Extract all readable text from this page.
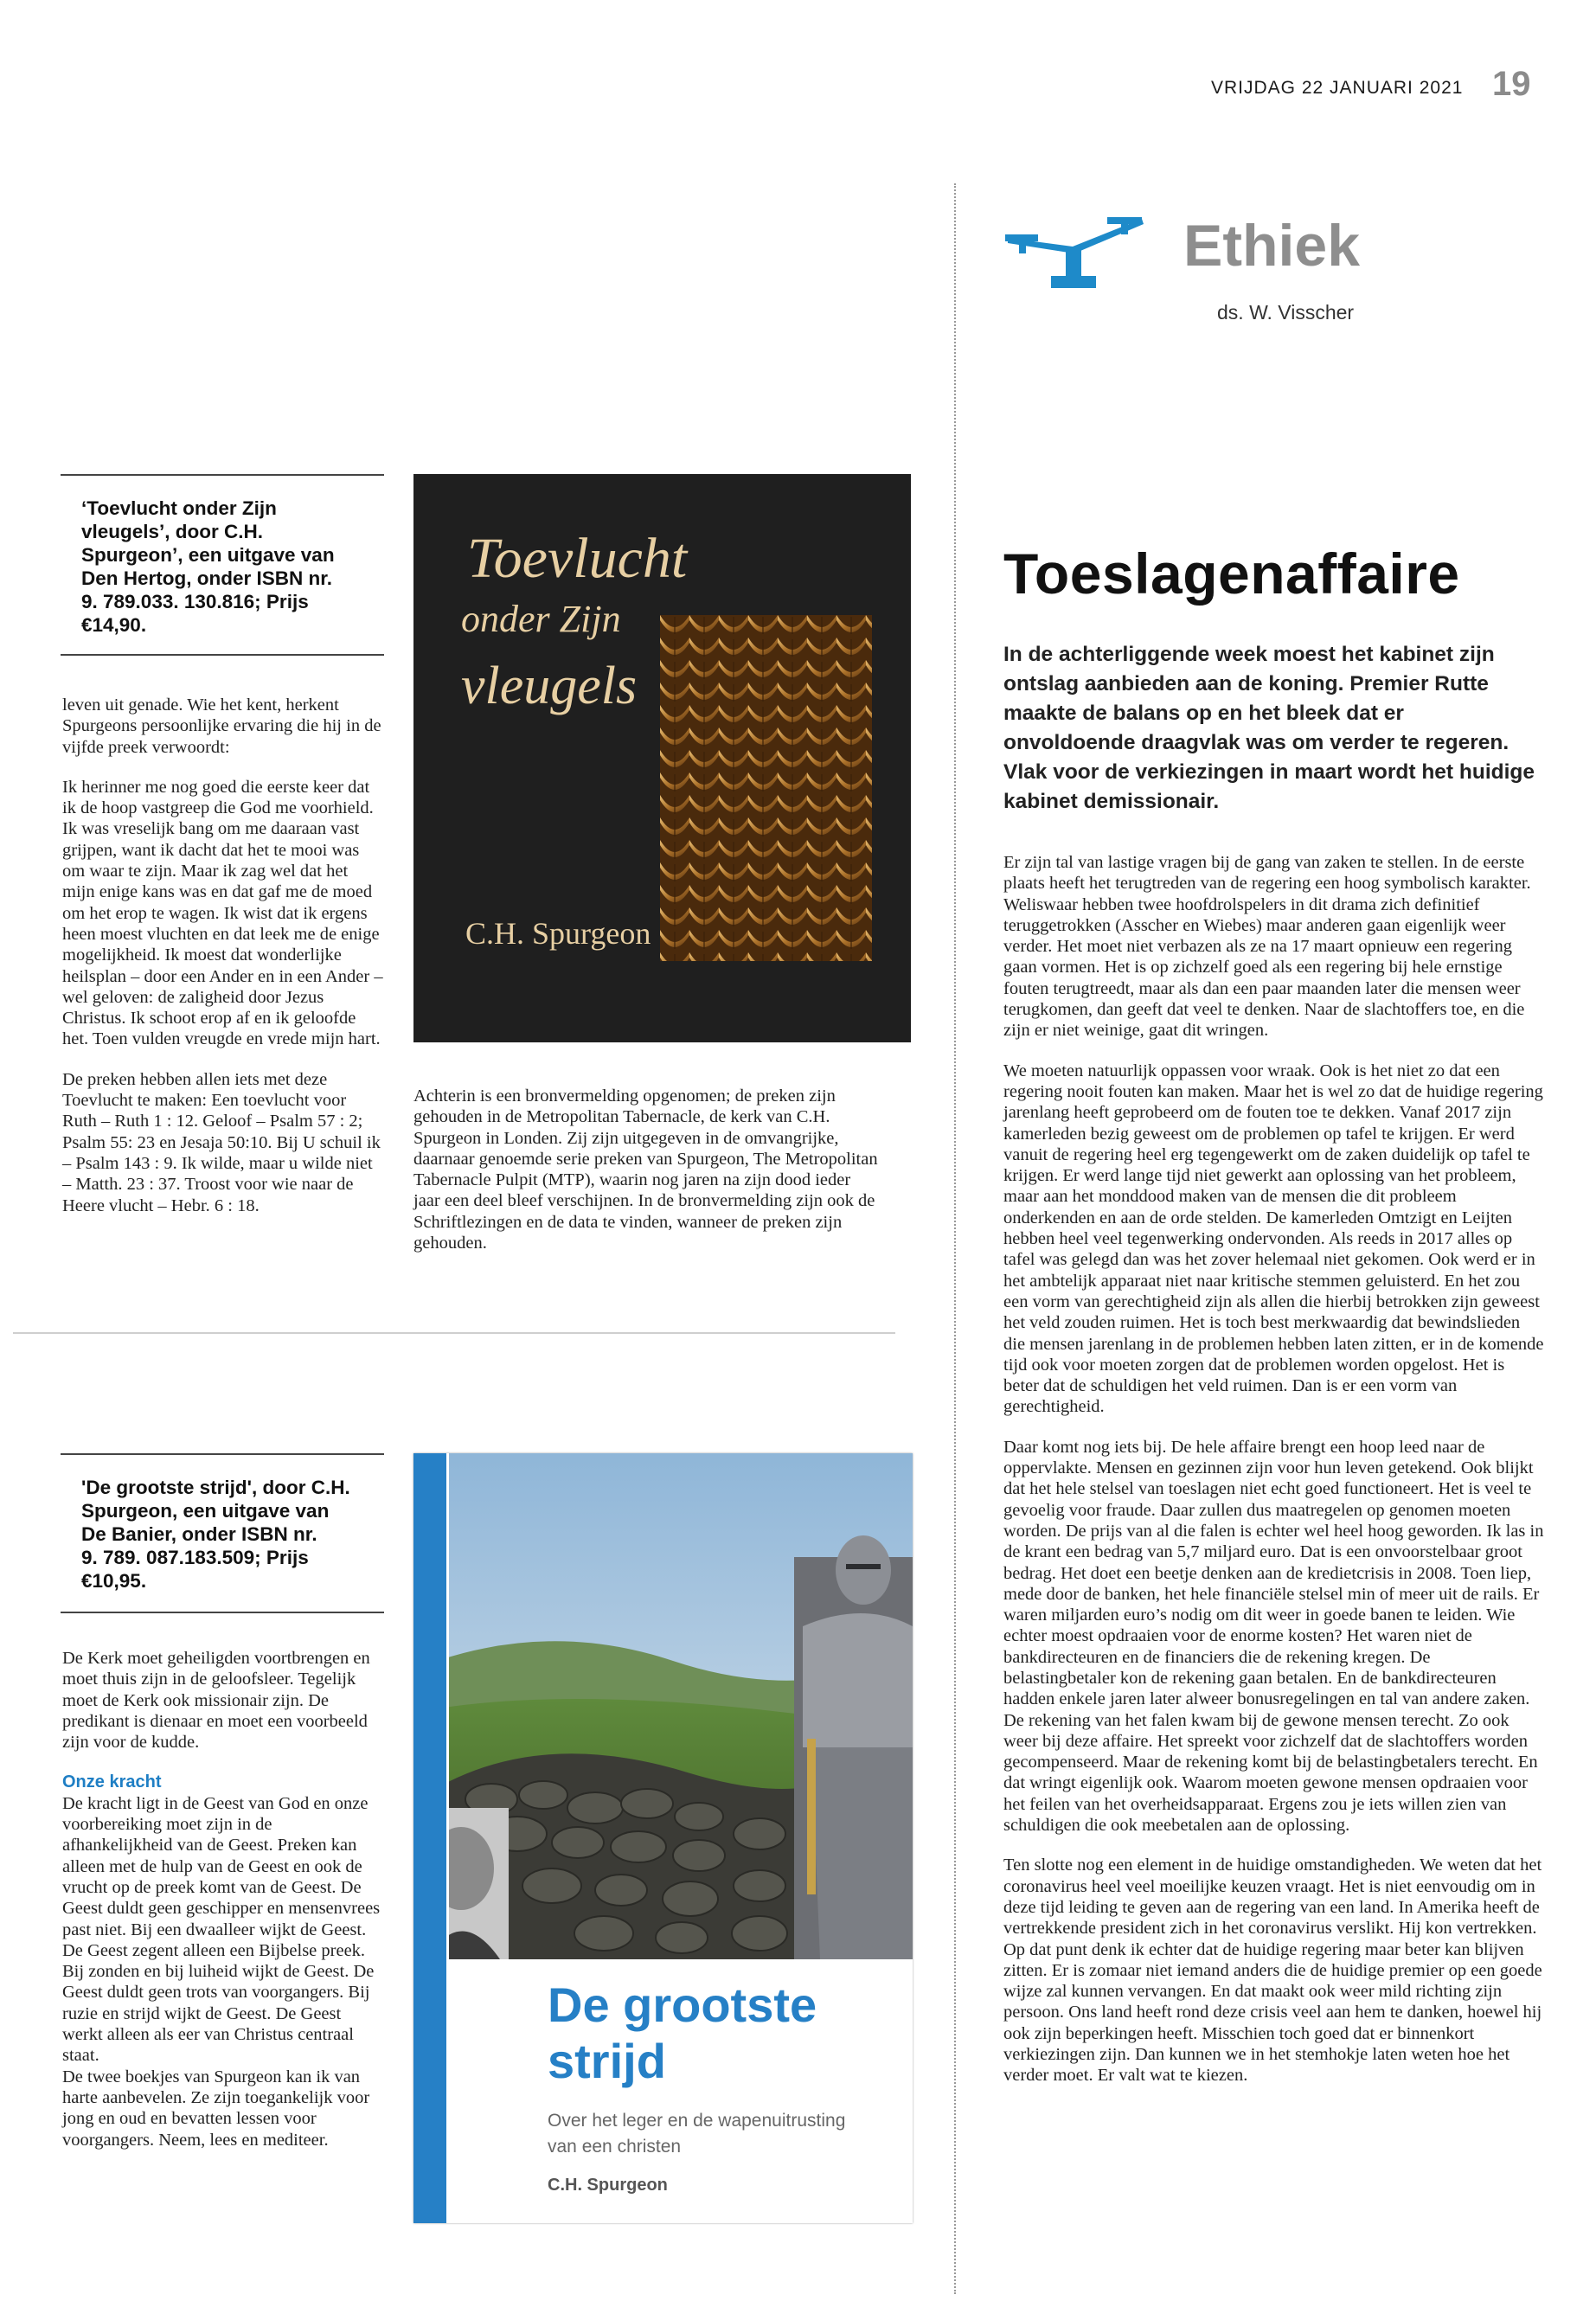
VRIJDAG 22 JANUARI 2021 19
Ethiek
ds. W. Visscher
‘Toevlucht onder Zijn
vleugels’, door C.H.
Spurgeon’, een uitgave van
Den Hertog, onder ISBN nr.
9. 789.033. 130.816; Prijs
€14,90.

leven uit genade. Wie het kent, herkent Spurgeons persoonlijke ervaring die hij in de vijfde preek verwoordt:

Ik herinner me nog goed die eerste keer dat ik de hoop vastgreep die God me voorhield. Ik was vreselijk bang om me daaraan vast grijpen, want ik dacht dat het te mooi was om waar te zijn. Maar ik zag wel dat het mijn enige kans was en dat gaf me de moed om het erop te wagen. Ik wist dat ik ergens heen moest vluchten en dat leek me de enige mogelijkheid. Ik moest dat wonderlijke heilsplan – door een Ander en in een Ander – wel geloven: de zaligheid door Jezus Christus. Ik schoot erop af en ik geloofde het. Toen vulden vreugde en vrede mijn hart.

De preken hebben allen iets met deze Toevlucht te maken: Een toevlucht voor Ruth – Ruth 1 : 12. Geloof – Psalm 57 : 2; Psalm 55: 23 en Jesaja 50:10. Bij U schuil ik – Psalm 143 : 9. Ik wilde, maar u wilde niet – Matth. 23 : 37. Troost voor wie naar de Heere vlucht – Hebr. 6 : 18.

Toevlucht
onder Zijn
vleugels
C.H. Spurgeon

Achterin is een bronvermelding opgenomen; de preken zijn gehouden in de Metropolitan Tabernacle, de kerk van C.H. Spurgeon in Londen. Zij zijn uitgegeven in de omvangrijke, daarnaar genoemde serie preken van Spurgeon, The Metropolitan Tabernacle Pulpit (MTP), waarin nog jaren na zijn dood ieder jaar een deel bleef verschijnen. In de bronvermelding zijn ook de Schriftlezingen en de data te vinden, wanneer de preken zijn gehouden.

'De grootste strijd', door C.H.
Spurgeon, een uitgave van
De Banier, onder ISBN nr.
9. 789. 087.183.509; Prijs
€10,95.

De Kerk moet geheiligden voortbrengen en moet thuis zijn in de geloofsleer. Tegelijk moet de Kerk ook missionair zijn. De predikant is dienaar en moet een voorbeeld zijn voor de kudde.

Onze kracht

De kracht ligt in de Geest van God en onze voorbereiking moet zijn in de afhankelijkheid van de Geest. Preken kan alleen met de hulp van de Geest en ook de vrucht op de preek komt van de Geest. De Geest duldt geen geschipper en mensenvrees past niet. Bij een dwaalleer wijkt de Geest. De Geest zegent alleen een Bijbelse preek. Bij zonden en bij luiheid wijkt de Geest. De Geest duldt geen trots van voorgangers. Bij ruzie en strijd wijkt de Geest. De Geest werkt alleen als eer van Christus centraal staat.

De twee boekjes van Spurgeon kan ik van harte aanbevelen. Ze zijn toegankelijk voor jong en oud en bevatten lessen voor voorgangers. Neem, lees en mediteer.

De grootste
strijd
Over het leger en de wapenuitrusting
van een christen
C.H. Spurgeon
Toeslagenaffaire
In de achterliggende week moest het kabinet zijn ontslag aanbieden aan de koning. Premier Rutte maakte de balans op en het bleek dat er onvoldoende draagvlak was om verder te regeren. Vlak voor de verkiezingen in maart wordt het huidige kabinet demissionair.

Er zijn tal van lastige vragen bij de gang van zaken te stellen. In de eerste plaats heeft het terugtreden van de regering een hoog symbolisch karakter. Weliswaar hebben twee hoofdrolspelers in dit drama zich definitief teruggetrokken (Asscher en Wiebes) maar anderen gaan eigenlijk weer verder. Het moet niet verbazen als ze na 17 maart opnieuw een regering gaan vormen. Het is op zichzelf goed als een regering bij hele ernstige fouten terugtreedt, maar als dan een paar maanden later die mensen weer terugkomen, dan geeft dat veel te denken. Naar de slachtoffers toe, en die zijn er niet weinige, gaat dit wringen.

We moeten natuurlijk oppassen voor wraak. Ook is het niet zo dat een regering nooit fouten kan maken. Maar het is wel zo dat de huidige regering jarenlang heeft geprobeerd om de fouten toe te dekken. Vanaf 2017 zijn kamerleden bezig geweest om de problemen op tafel te krijgen. Er werd vanuit de regering heel erg tegengewerkt om de zaken duidelijk op tafel te krijgen. Er werd lange tijd niet gewerkt aan oplossing van het probleem, maar aan het monddood maken van de mensen die dit probleem onderkenden en aan de orde stelden. De kamerleden Omtzigt en Leijten hebben heel veel tegenwerking ondervonden. Als reeds in 2017 alles op tafel was gelegd dan was het zover helemaal niet gekomen. Ook werd er in het ambtelijk apparaat niet naar kritische stemmen geluisterd. En het zou een vorm van gerechtigheid zijn als allen die hierbij betrokken zijn geweest het veld zouden ruimen. Het is toch best merkwaardig dat bewindslieden die mensen jarenlang in de problemen hebben laten zitten, er in de komende tijd ook voor moeten zorgen dat de problemen worden opgelost. Het is beter dat de schuldigen het veld ruimen. Dan is er een vorm van gerechtigheid.

Daar komt nog iets bij. De hele affaire brengt een hoop leed naar de oppervlakte. Mensen en gezinnen zijn voor hun leven getekend. Ook blijkt dat het hele stelsel van toeslagen niet echt goed functioneert. Het is veel te gevoelig voor fraude. Daar zullen dus maatregelen op genomen moeten worden. De prijs van al die falen is echter wel heel hoog geworden. Ik las in de krant een bedrag van 5,7 miljard euro. Dat is een onvoorstelbaar groot bedrag. Het doet een beetje denken aan de kredietcrisis in 2008. Toen liep, mede door de banken, het hele financiële stelsel min of meer uit de rails. Er waren miljarden euro’s nodig om dit weer in goede banen te leiden. Wie echter moest opdraaien voor de enorme kosten? Het waren niet de bankdirecteuren en de financiers die de rekening kregen. De belastingbetaler kon de rekening gaan betalen. En de bankdirecteuren hadden enkele jaren later alweer bonusregelingen en tal van andere zaken. De rekening van het falen kwam bij de gewone mensen terecht. Zo ook weer bij deze affaire. Het spreekt voor zichzelf dat de slachtoffers worden gecompenseerd. Maar de rekening komt bij de belastingbetalers terecht. En dat wringt eigenlijk ook. Waarom moeten gewone mensen opdraaien voor het feilen van het overheidsapparaat. Ergens zou je iets willen zien van schuldigen die ook meebetalen aan de oplossing.

Ten slotte nog een element in de huidige omstandigheden. We weten dat het coronavirus heel veel moeilijke keuzen vraagt. Het is niet eenvoudig om in deze tijd leiding te geven aan de regering van een land. In Amerika heeft de vertrekkende president zich in het coronavirus verslikt. Hij kon vertrekken. Op dat punt denk ik echter dat de huidige regering maar beter kan blijven zitten. Er is zomaar niet iemand anders die de huidige premier op een goede wijze zal kunnen vervangen. En dat maakt ook weer mild richting zijn persoon. Ons land heeft rond deze crisis veel aan hem te danken, hoewel hij ook zijn beperkingen heeft. Misschien toch goed dat er binnenkort verkiezingen zijn. Dan kunnen we in het stemhokje laten weten hoe het verder moet. Er valt wat te kiezen.
